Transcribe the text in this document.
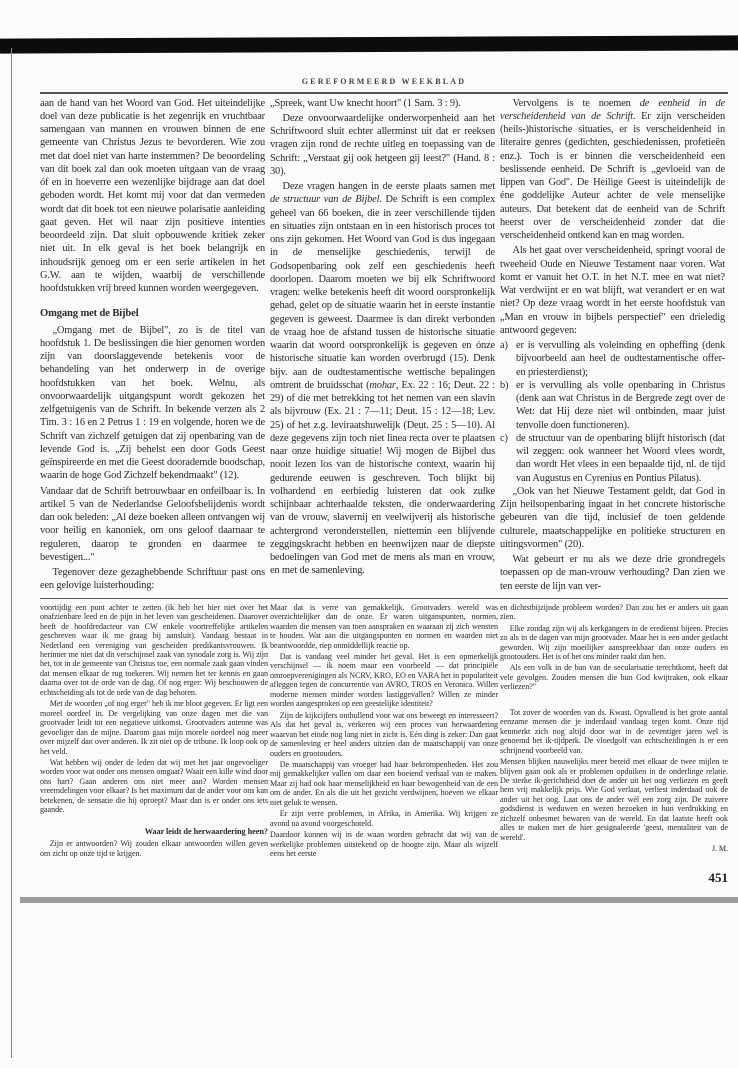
GEREFORMEERD WEEKBLAD

aan de hand van het Woord van God. Het uiteindelijke doel van deze publicatie is het zegenrijk en vruchtbaar samengaan van mannen en vrouwen binnen de ene gemeente van Christus Jezus te bevorderen. Wie zou met dat doel niet van harte instemmen? De beoordeling van dit boek zal dan ook moeten uitgaan van de vraag óf en in hoeverre een wezenlijke bijdrage aan dat doel geboden wordt. Het komt mij voor dat dan vermeden wordt dat dit boek tot een nieuwe polarisatie aanleiding gaat geven. Het wil naar zijn positieve intenties beoordeeld zijn. Dat sluit opbouwende kritiek zeker niet uit. In elk geval is het boek belangrijk en inhoudsrijk genoeg om er een serie artikelen in het G.W. aan te wijden, waarbij de verschillende hoofdstukken vrij breed kunnen worden weergegeven.

Omgang met de Bijbel

„Omgang met de Bijbel", zo is de titel van hoofdstuk 1. De beslissingen die hier genomen worden zijn van doorslaggevende betekenis voor de behandeling van het onderwerp in de overige hoofdstukken van het boek. Welnu, als onvoorwaardelijk uitgangspunt wordt gekozen het zelfgetuigenis van de Schrift. In bekende verzen als 2 Tim. 3 : 16 en 2 Petrus 1 : 19 en volgende, horen we de Schrift van zichzelf getuigen dat zij openbaring van de levende God is. „Zij behelst een door Gods Geest geïnspireerde en met die Geest doorademde boodschap, waarin de hoge God Zichzelf bekendmaakt" (12).

Vandaar dat de Schrift betrouwbaar en onfeilbaar is. In artikel 5 van de Nederlandse Geloofsbelijdenis wordt dan ook beleden: „Al deze boeken alleen ontvangen wij voor heilig en kanoniek, om ons geloof daarnaar te reguleren, daarop te gronden en daarmee te bevestigen..."

Tegenover deze gezaghebbende Schriftuur past ons een gelovige luisterhouding:

„Spreek, want Uw knecht hoort" (1 Sam. 3 : 9).

Deze onvoorwaardelijke onderworpenheid aan het Schriftwoord sluit echter allerminst uit dat er reeksen vragen zijn rond de rechte uitleg en toepassing van de Schrift: „Verstaat gij ook hetgeen gij leest?" (Hand. 8 : 30).

Deze vragen hangen in de eerste plaats samen met de structuur van de Bijbel. De Schrift is een complex geheel van 66 boeken, die in zeer verschillende tijden en situaties zijn ontstaan en in een historisch proces tot ons zijn gekomen. Het Woord van God is dus ingegaan in de menselijke geschiedenis, terwijl de Godsopenbaring ook zelf een geschiedenis heeft doorlopen. Daarom moeten we bij elk Schriftwoord vragen: welke betekenis heeft dit woord oorspronkelijk gehad, gelet op de situatie waarin het in eerste instantie gegeven is geweest. Daarmee is dan direkt verbonden de vraag hoe de afstand tussen de historische situatie waarin dat woord oorspronkelijk is gegeven en ónze historische situatie kan worden overbrugd (15). Denk bijv. aan de oudtestamentische wettische bepalingen omtrent de bruidsschat (mohar, Ex. 22 : 16; Deut. 22 : 29) of die met betrekking tot het nemen van een slavin als bijvrouw (Ex. 21 : 7—11; Deut. 15 : 12—18; Lev. 25) of het z.g. leviraatshuwelijk (Deut. 25 : 5—10). Al deze gegevens zijn toch niet linea recta over te plaatsen naar onze huidige situatie! Wij mogen de Bijbel dus nooit lezen los van de historische context, waarin hij gedurende eeuwen is geschreven. Toch blijkt bij volhardend en eerbiedig luisteren dat ook zulke schijnbaar achterhaalde teksten, die onderwaardering van de vrouw, slavernij en veelwijverij als historische achtergrond veronderstellen, niettemin een blijvende zeggingskracht hebben en heenwijzen naar de diepste bedoelingen van God met de mens als man en vrouw, en met de samenleving.

Vervolgens is te noemen de eenheid in de verscheidenheid van de Schrift. Er zijn verscheiden (heils-)historische situaties, er is verscheidenheid in literaire genres (gedichten, geschiedenissen, profetieën enz.). Toch is er binnen die verscheidenheid een beslissende eenheid. De Schrift is „gevloeid van de lippen van God". De Heilige Geest is uiteindelijk de éne goddelijke Auteur achter de vele menselijke auteurs. Dat betekent dat de eenheid van de Schrift heerst over de verscheidenheid zonder dat die verscheidenheid ontkend kan en mag worden.

Als het gaat over verscheidenheid, springt vooral de tweeheid Oude en Nieuwe Testament naar voren. Wat komt er vanuit het O.T. in het N.T. mee en wat niet? Wat verdwijnt er en wat blijft, wat verandert er en wat niet? Op deze vraag wordt in het eerste hoofdstuk van „Man en vrouw in bijbels perspectief" een drieledig antwoord gegeven:

a) er is vervulling als voleinding en opheffing (denk bijvoorbeeld aan heel de oudtestamentische offer- en priesterdienst);
b) er is vervulling als volle openbaring in Christus (denk aan wat Christus in de Bergrede zegt over de Wet: dat Hij deze niet wil ontbinden, maar juist tenvolle doen functioneren).
c) de structuur van de openbaring blijft historisch (dat wil zeggen: ook wanneer het Woord vlees wordt, dan wordt Het vlees in een bepaalde tijd, nl. de tijd van Augustus en Cyrenius en Pontius Pilatus).

„Ook van het Nieuwe Testament geldt, dat God in Zijn heilsopenbaring ingaat in het concrete historische gebeuren van die tijd, inclusief de toen geldende culturele, maatschappelijke en politieke structuren en uitingsvormen" (20).

Wat gebeurt er nu als we deze drie grondregels toepassen op de man-vrouw verhouding? Dan zien we ten eerste de lijn van ver-

voortijdig een punt achter te zetten (ik heb het hier niet over het onafzienbare leed en de pijn in het leven van gescheidenen. Daarover heeft de hoofdredacteur van CW enkele voortreffelijke artikelen geschreven waar ik me graag bij aansluit). Vandaag bestaat in Nederland een vereniging van gescheiden predikantsvrouwen. Ik herinner me niet dat dit verschijnsel zaak van synodale zorg is. Wij zijn het, tot in de gemeente van Christus toe, een normale zaak gaan vinden dat mensen elkaar de rug toekeren. Wij nemen het ter kennis en gaan daarna over tot de orde van de dag. Of nog erger: Wij beschouwen de echtscheiding als tot de orde van de dag behoren.

Met de woorden „of nog erger" heb ik me bloot gegeven. Er ligt een moreel oordeel in. De vergelijking van onze dagen met die van grootvader leidt tot een negatieve uitkomst. Grootvaders antenne was gevoeliger dan de mijne. Daarom gaat mijn morele oordeel nog meer over mijzelf dan over anderen. Ik zit niet op de tribune. Ik loop ook op het veld.

Wat hebben wij onder de leden dat wij met het jaar ongevoeliger worden voor wat onder ons mensen omgaat? Waait een kille wind door ons hart? Gaan anderen ons niet meer aan? Worden mensen vreemdelingen voor elkaar? Is het maximum dat de ander voor ons kan betekenen, de sensatie die hij oproept? Maar dan is er onder ons iets gaande.

Waar leidt de herwaardering heen?

Zijn er antwoorden? Wij zouden elkaar antwoorden willen geven om zicht op onze tijd te krijgen.

Maar dat is verre van gemakkelijk. Grootvaders wereld was overzichtelijker dan de onze. Er waren uitganspunten, normen, waarden die mensen van toen aanspraken en waaraan zij zich wensten te houden. Wat aan die uitgangspunten en normen en waarden niet beantwoordde, riep onmiddellijk reactie op.

Dat is vandaag veel minder het geval. Het is een opmerkelijk verschijnsel — ik noem maar een voorbeeld — dat principiële omroepverenigingen als NCRV, KRO, EO en VARA het in populariteit afleggen tegen de concurrentie van AVRO, TROS en Veronica. Willen moderne mensen minder worden lastiggevallen? Willen ze minder worden aangesproken op een geestelijke identiteit?

Zijn de kijkcijfers onthullend voor wat ons beweegt en interesseert? Als dat het geval is, verkeren wij een proces van herwaardering waarvan het einde nog lang niet in zicht is. Eén ding is zeker: Dan gaat de samenleving er heel anders uitzien dan de maatschappij van onze ouders en grootouders.

De maatschappij van vroeger had haar bekrompenheden. Het zou mij gemakkelijker vallen om daar een boeiend verhaal van te maken. Maar zij had ook haar menselijkheid en haar bewogenheid van de een om de ander. En als die uit het gezicht verdwijnen, hoeven we elkaar niet geluk te wensen.

Er zijn verre problemen, in Afrika, in Amerika. Wij krijgen ze avond na avond voorgeschoteld.

Daardoor kunnen wij in de waan worden gebracht dat wij van de werkelijke problemen uitstekend op de hoogte zijn. Maar als wijzelf eens het eerste

en dichtstbijzijnde probleem worden? Dan zou het er anders uit gaan zien.

Elke zondag zijn wij als kerkgangers in de eredienst bijeen. Precies zo als in de dagen van mijn grootvader. Maar het is een ander geslacht geworden. Wij zijn moeilijker aanspreekbaar dan onze ouders en grootouders. Het is of het ons minder raakt dan hen.

Als een volk in de ban van de secularisatie terechtkomt, heeft dat vele gevolgen. Zouden mensen die hun God kwijtraken, ook elkaar verliezen?"

Tot zover de woorden van ds. Kwast. Opvallend is het grote aantal eenzame mensen die je inderdaad vandaag tegen komt. Onze tijd kenmerkt zich nog altijd door wat in de zeventiger jaren wel is genoemd het ik-tijdperk. De vloedgolf van echtscheidingen is er een schrijnend voorbeeld van.

Mensen blijken nauwelijks meer bereid met elkaar de twee mijlen te blijven gaan ook als er problemen opduiken in de onderlinge relatie. De sterke ik-gerichtheid doet de ander uit het oog verliezen en geeft hem vrij makkelijk prijs. Wie God verlaat, verliest inderdaad ook de ander uit het oog. Laat ons de ander wèl een zorg zijn. De zuivere godsdienst is weduwen en wezen bezoeken in hun verdrukking en zichzelf onbesmet bewaren van de wereld. En dat laatste heeft ook alles te maken met de hier gesignaleerde 'geest, mentaliteit van de wereld'.

J. M.
451
